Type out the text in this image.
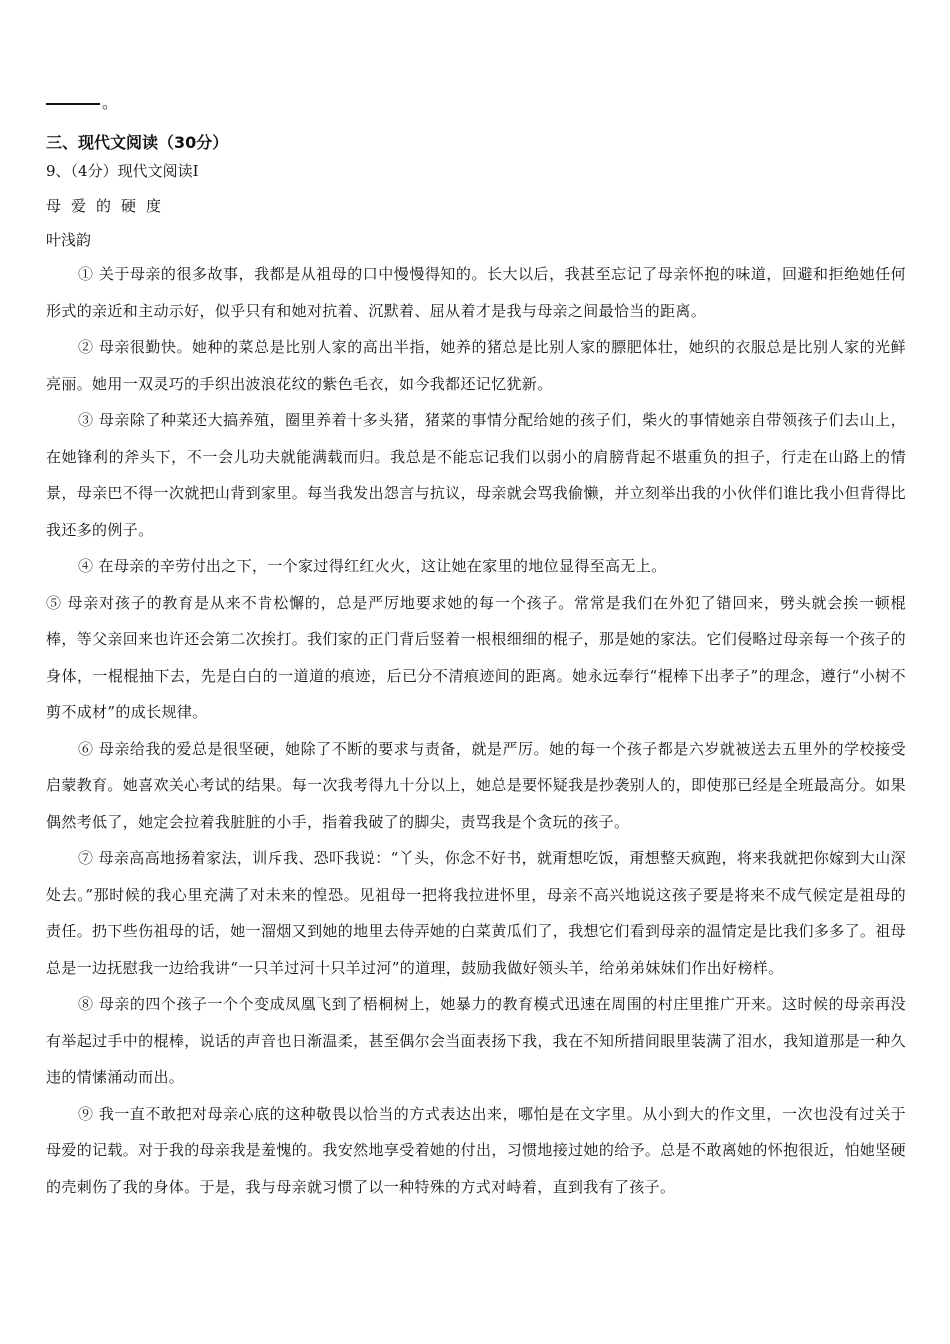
。
三、现代文阅读（30分）
9、（4分）现代文阅读Ⅰ
母爱的硬度
叶浅韵

① 关于母亲的很多故事，我都是从祖母的口中慢慢得知的。长大以后，我甚至忘记了母亲怀抱的味道，回避和拒绝她任何形式的亲近和主动示好，似乎只有和她对抗着、沉默着、屈从着才是我与母亲之间最恰当的距离。

② 母亲很勤快。她种的菜总是比别人家的高出半指，她养的猪总是比别人家的膘肥体壮，她织的衣服总是比别人家的光鲜亮丽。她用一双灵巧的手织出波浪花纹的紫色毛衣，如今我都还记忆犹新。

③ 母亲除了种菜还大搞养殖，圈里养着十多头猪，猪菜的事情分配给她的孩子们，柴火的事情她亲自带领孩子们去山上，在她锋利的斧头下，不一会儿功夫就能满载而归。我总是不能忘记我们以弱小的肩膀背起不堪重负的担子，行走在山路上的情景，母亲巴不得一次就把山背到家里。每当我发出怨言与抗议，母亲就会骂我偷懒，并立刻举出我的小伙伴们谁比我小但背得比我还多的例子。

④ 在母亲的辛劳付出之下，一个家过得红红火火，这让她在家里的地位显得至高无上。

⑤ 母亲对孩子的教育是从来不肯松懈的，总是严厉地要求她的每一个孩子。常常是我们在外犯了错回来，劈头就会挨一顿棍棒，等父亲回来也许还会第二次挨打。我们家的正门背后竖着一根根细细的棍子，那是她的家法。它们侵略过母亲每一个孩子的身体，一棍棍抽下去，先是白白的一道道的痕迹，后已分不清痕迹间的距离。她永远奉行“棍棒下出孝子”的理念，遵行“小树不剪不成材”的成长规律。

⑥ 母亲给我的爱总是很坚硬，她除了不断的要求与责备，就是严厉。她的每一个孩子都是六岁就被送去五里外的学校接受启蒙教育。她喜欢关心考试的结果。每一次我考得九十分以上，她总是要怀疑我是抄袭别人的，即使那已经是全班最高分。如果偶然考低了，她定会拉着我脏脏的小手，指着我破了的脚尖，责骂我是个贪玩的孩子。

⑦ 母亲高高地扬着家法，训斥我、恐吓我说：“丫头，你念不好书，就甭想吃饭，甭想整天疯跑，将来我就把你嫁到大山深处去。”那时候的我心里充满了对未来的惶恐。见祖母一把将我拉进怀里，母亲不高兴地说这孩子要是将来不成气候定是祖母的责任。扔下些伤祖母的话，她一溜烟又到她的地里去侍弄她的白菜黄瓜们了，我想它们看到母亲的温情定是比我们多多了。祖母总是一边抚慰我一边给我讲“一只羊过河十只羊过河”的道理，鼓励我做好领头羊，给弟弟妹妹们作出好榜样。

⑧ 母亲的四个孩子一个个变成凤凰飞到了梧桐树上，她暴力的教育模式迅速在周围的村庄里推广开来。这时候的母亲再没有举起过手中的棍棒，说话的声音也日渐温柔，甚至偶尔会当面表扬下我，我在不知所措间眼里装满了泪水，我知道那是一种久违的情愫涌动而出。

⑨ 我一直不敢把对母亲心底的这种敬畏以恰当的方式表达出来，哪怕是在文字里。从小到大的作文里，一次也没有过关于母爱的记载。对于我的母亲我是羞愧的。我安然地享受着她的付出，习惯地接过她的给予。总是不敢离她的怀抱很近，怕她坚硬的壳刺伤了我的身体。于是，我与母亲就习惯了以一种特殊的方式对峙着，直到我有了孩子。
